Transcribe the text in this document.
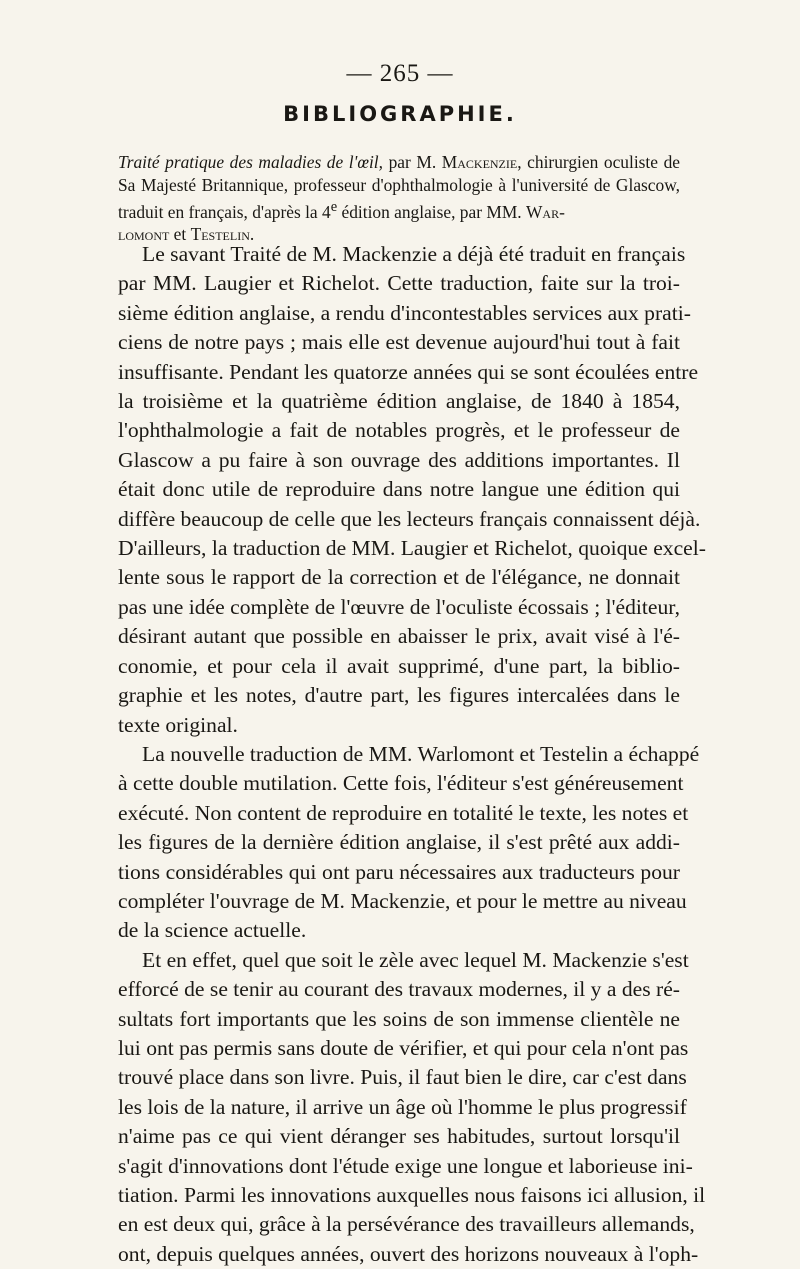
— 265 —
BIBLIOGRAPHIE.
Traité pratique des maladies de l'œil, par M. Mackenzie, chirurgien oculiste de Sa Majesté Britannique, professeur d'ophthalmologie à l'université de Glascow, traduit en français, d'après la 4e édition anglaise, par MM. War-
lomont et Testelin.

Le savant Traité de M. Mackenzie a déjà été traduit en français
par MM. Laugier et Richelot. Cette traduction, faite sur la troi-
sième édition anglaise, a rendu d'incontestables services aux prati-
ciens de notre pays ; mais elle est devenue aujourd'hui tout à fait
insuffisante. Pendant les quatorze années qui se sont écoulées entre
la troisième et la quatrième édition anglaise, de 1840 à 1854,
l'ophthalmologie a fait de notables progrès, et le professeur de
Glascow a pu faire à son ouvrage des additions importantes. Il
était donc utile de reproduire dans notre langue une édition qui
diffère beaucoup de celle que les lecteurs français connaissent déjà.
D'ailleurs, la traduction de MM. Laugier et Richelot, quoique excel-
lente sous le rapport de la correction et de l'élégance, ne donnait
pas une idée complète de l'œuvre de l'oculiste écossais ; l'éditeur,
désirant autant que possible en abaisser le prix, avait visé à l'é-
conomie, et pour cela il avait supprimé, d'une part, la biblio-
graphie et les notes, d'autre part, les figures intercalées dans le
texte original.

La nouvelle traduction de MM. Warlomont et Testelin a échappé
à cette double mutilation. Cette fois, l'éditeur s'est généreusement
exécuté. Non content de reproduire en totalité le texte, les notes et
les figures de la dernière édition anglaise, il s'est prêté aux addi-
tions considérables qui ont paru nécessaires aux traducteurs pour
compléter l'ouvrage de M. Mackenzie, et pour le mettre au niveau
de la science actuelle.

Et en effet, quel que soit le zèle avec lequel M. Mackenzie s'est
efforcé de se tenir au courant des travaux modernes, il y a des ré-
sultats fort importants que les soins de son immense clientèle ne
lui ont pas permis sans doute de vérifier, et qui pour cela n'ont pas
trouvé place dans son livre. Puis, il faut bien le dire, car c'est dans
les lois de la nature, il arrive un âge où l'homme le plus progressif
n'aime pas ce qui vient déranger ses habitudes, surtout lorsqu'il
s'agit d'innovations dont l'étude exige une longue et laborieuse ini-
tiation. Parmi les innovations auxquelles nous faisons ici allusion, il
en est deux qui, grâce à la persévérance des travailleurs allemands,
ont, depuis quelques années, ouvert des horizons nouveaux à l'oph-
